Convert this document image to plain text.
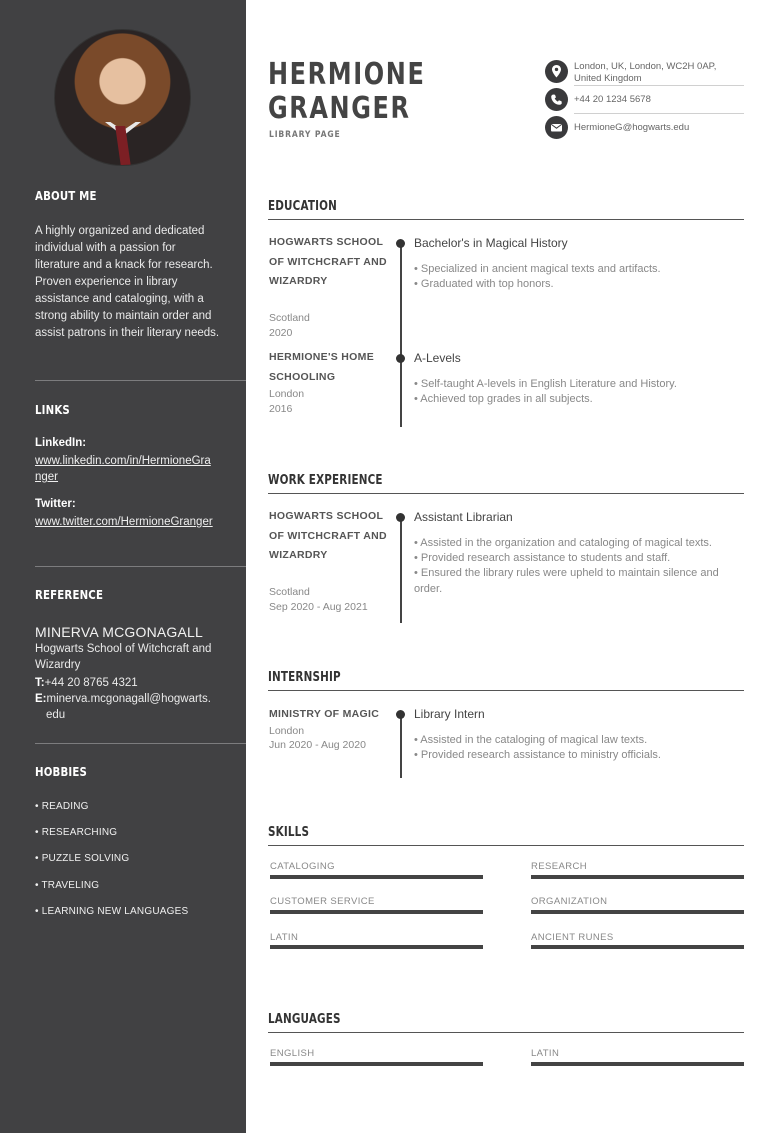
ABOUT ME
A highly organized and dedicated individual with a passion for literature and a knack for research. Proven experience in library assistance and cataloging, with a strong ability to maintain order and assist patrons in their literary needs.
LINKS
LinkedIn:
www.linkedin.com/in/HermioneGranger
Twitter:
www.twitter.com/HermioneGranger
REFERENCE
MINERVA MCGONAGALL
Hogwarts School of Witchcraft and Wizardry
T:+44 20 8765 4321
E:minerva.mcgonagall@hogwarts.edu
HOBBIES
• READING
• RESEARCHING
• PUZZLE SOLVING
• TRAVELING
• LEARNING NEW LANGUAGES
HERMIONE
GRANGER
LIBRARY PAGE
London, UK, London, WC2H 0AP, United Kingdom
+44 20 1234 5678
HermioneG@hogwarts.edu
EDUCATION
HOGWARTS SCHOOL OF WITCHCRAFT AND WIZARDRY
Scotland
2020
Bachelor's in Magical History
• Specialized in ancient magical texts and artifacts.
• Graduated with top honors.
HERMIONE'S HOME SCHOOLING
London
2016
A-Levels
• Self-taught A-levels in English Literature and History.
• Achieved top grades in all subjects.
WORK EXPERIENCE
HOGWARTS SCHOOL OF WITCHCRAFT AND WIZARDRY
Scotland
Sep 2020 - Aug 2021
Assistant Librarian
• Assisted in the organization and cataloging of magical texts.
• Provided research assistance to students and staff.
• Ensured the library rules were upheld to maintain silence and order.
INTERNSHIP
MINISTRY OF MAGIC
London
Jun 2020 - Aug 2020
Library Intern
• Assisted in the cataloging of magical law texts.
• Provided research assistance to ministry officials.
SKILLS
CATALOGING	RESEARCH
CUSTOMER SERVICE	ORGANIZATION
LATIN	ANCIENT RUNES
LANGUAGES
ENGLISH	LATIN
